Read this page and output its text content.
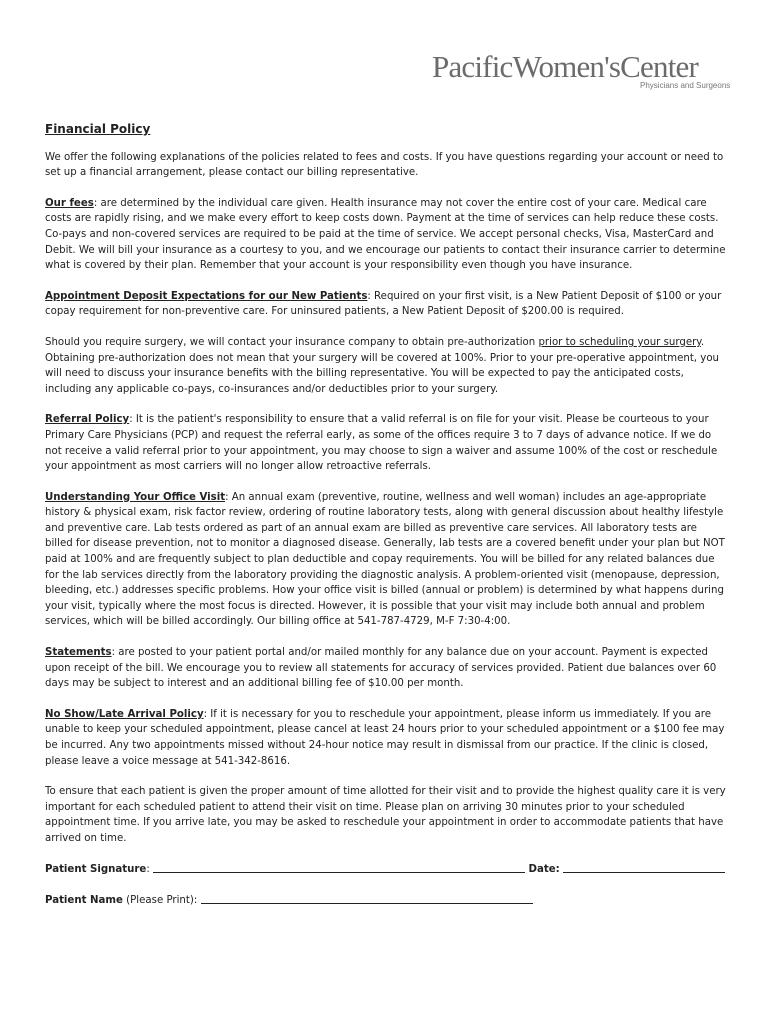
PacificWomen'sCenter
Physicians and Surgeons
Financial Policy
We offer the following explanations of the policies related to fees and costs. If you have questions regarding your account or need to set up a financial arrangement, please contact our billing representative.
Our fees: are determined by the individual care given. Health insurance may not cover the entire cost of your care. Medical care costs are rapidly rising, and we make every effort to keep costs down. Payment at the time of services can help reduce these costs. Co-pays and non-covered services are required to be paid at the time of service. We accept personal checks, Visa, MasterCard and Debit. We will bill your insurance as a courtesy to you, and we encourage our patients to contact their insurance carrier to determine what is covered by their plan. Remember that your account is your responsibility even though you have insurance.
Appointment Deposit Expectations for our New Patients: Required on your first visit, is a New Patient Deposit of $100 or your copay requirement for non-preventive care. For uninsured patients, a New Patient Deposit of $200.00 is required.
Should you require surgery, we will contact your insurance company to obtain pre-authorization prior to scheduling your surgery. Obtaining pre-authorization does not mean that your surgery will be covered at 100%. Prior to your pre-operative appointment, you will need to discuss your insurance benefits with the billing representative. You will be expected to pay the anticipated costs, including any applicable co-pays, co-insurances and/or deductibles prior to your surgery.
Referral Policy: It is the patient's responsibility to ensure that a valid referral is on file for your visit. Please be courteous to your Primary Care Physicians (PCP) and request the referral early, as some of the offices require 3 to 7 days of advance notice. If we do not receive a valid referral prior to your appointment, you may choose to sign a waiver and assume 100% of the cost or reschedule your appointment as most carriers will no longer allow retroactive referrals.
Understanding Your Office Visit: An annual exam (preventive, routine, wellness and well woman) includes an age-appropriate history & physical exam, risk factor review, ordering of routine laboratory tests, along with general discussion about healthy lifestyle and preventive care. Lab tests ordered as part of an annual exam are billed as preventive care services. All laboratory tests are billed for disease prevention, not to monitor a diagnosed disease. Generally, lab tests are a covered benefit under your plan but NOT paid at 100% and are frequently subject to plan deductible and copay requirements. You will be billed for any related balances due for the lab services directly from the laboratory providing the diagnostic analysis. A problem-oriented visit (menopause, depression, bleeding, etc.) addresses specific problems. How your office visit is billed (annual or problem) is determined by what happens during your visit, typically where the most focus is directed. However, it is possible that your visit may include both annual and problem services, which will be billed accordingly. Our billing office at 541-787-4729, M-F 7:30-4:00.
Statements: are posted to your patient portal and/or mailed monthly for any balance due on your account. Payment is expected upon receipt of the bill. We encourage you to review all statements for accuracy of services provided. Patient due balances over 60 days may be subject to interest and an additional billing fee of $10.00 per month.
No Show/Late Arrival Policy: If it is necessary for you to reschedule your appointment, please inform us immediately. If you are unable to keep your scheduled appointment, please cancel at least 24 hours prior to your scheduled appointment or a $100 fee may be incurred. Any two appointments missed without 24-hour notice may result in dismissal from our practice. If the clinic is closed, please leave a voice message at 541-342-8616.
To ensure that each patient is given the proper amount of time allotted for their visit and to provide the highest quality care it is very important for each scheduled patient to attend their visit on time. Please plan on arriving 30 minutes prior to your scheduled appointment time. If you arrive late, you may be asked to reschedule your appointment in order to accommodate patients that have arrived on time.
Patient Signature:	Date:
Patient Name (Please Print):
